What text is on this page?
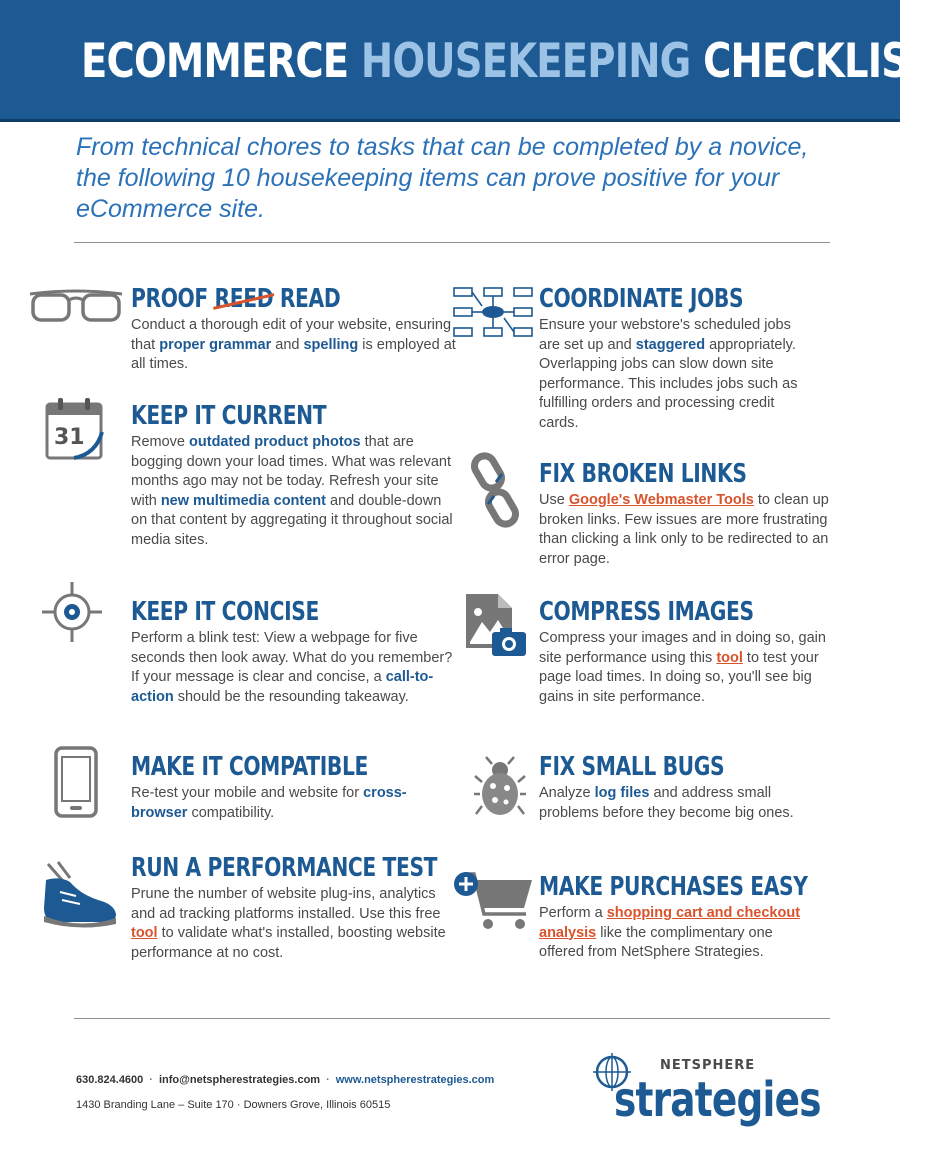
ECOMMERCE HOUSEKEEPING CHECKLIST
From technical chores to tasks that can be completed by a novice, the following 10 housekeeping items can prove positive for your eCommerce site.
PROOF REED READ

Conduct a thorough edit of your website, ensuring that proper grammar and spelling is employed at all times.

31
KEEP IT CURRENT

Remove outdated product photos that are bogging down your load times. What was relevant months ago may not be today. Refresh your site with new multimedia content and double-down on that content by aggregating it throughout social media sites.

KEEP IT CONCISE

Perform a blink test: View a webpage for five seconds then look away. What do you remember? If your message is clear and concise, a call-to-action should be the resounding takeaway.

MAKE IT COMPATIBLE

Re-test your mobile and website for cross-browser compatibility.

RUN A PERFORMANCE TEST

Prune the number of website plug-ins, analytics and ad tracking platforms installed. Use this free tool to validate what's installed, boosting website performance at no cost.

COORDINATE JOBS

Ensure your webstore's scheduled jobs are set up and staggered appropriately. Overlapping jobs can slow down site performance. This includes jobs such as fulfilling orders and processing credit cards.

FIX BROKEN LINKS

Use Google's Webmaster Tools to clean up broken links. Few issues are more frustrating than clicking a link only to be redirected to an error page.

COMPRESS IMAGES

Compress your images and in doing so, gain site performance using this tool to test your page load times. In doing so, you'll see big gains in site performance.

FIX SMALL BUGS

Analyze log files and address small problems before they become big ones.

MAKE PURCHASES EASY

Perform a shopping cart and checkout analysis like the complimentary one offered from NetSphere Strategies.

630.824.4600 · info@netspherestrategies.com · www.netspherestrategies.com
1430 Branding Lane – Suite 170 · Downers Grove, Illinois 60515
NETSPHERE
strategies
